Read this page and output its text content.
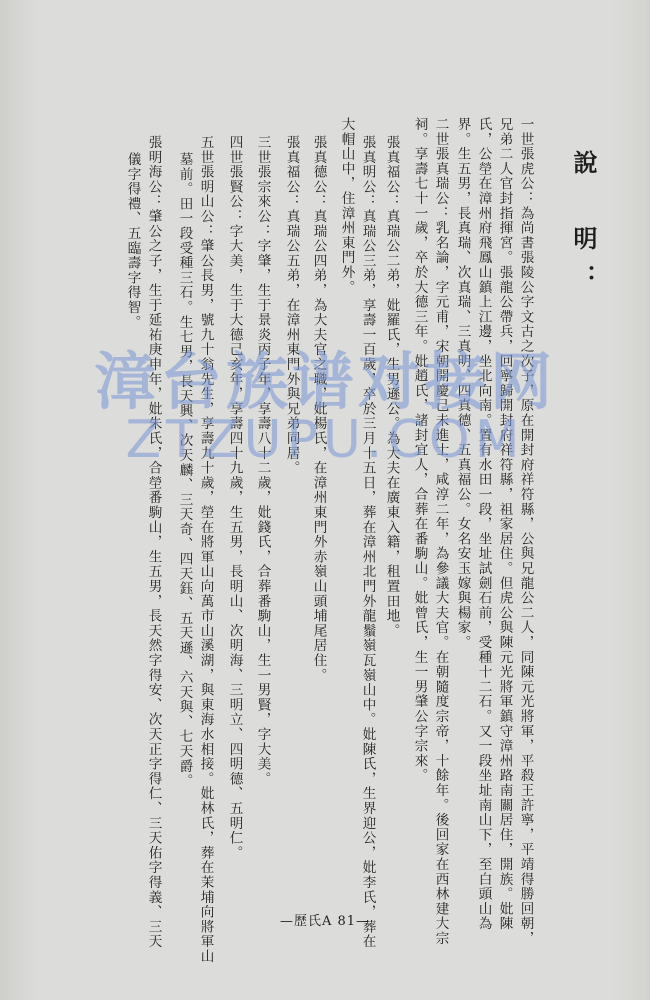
說　明：
一世張虎公：為尚書張陵公字文古之次子，原在開封府祥符縣，公與兄龍公二人，同陳元光將軍，平殺王許寧，平靖得勝回朝，
兄弟二人官封指揮宮。張龍公帶兵，回寧歸開封府祥符縣，祖家居住。但虎公與陳元光將軍鎮守漳州路南關居住，開族。妣陳
氏，公塋在漳州府飛鳳山鎮上江邊，坐北向南。置有水田一段，坐址試劍石前，受種十二石。又一段坐址南山下，至白頭山為
界。生五男，長真瑞、次真瑞、三真明、四真德、五真福公。女名安玉嫁與楊家。
二世張真瑞公：乳名論，字元甫，宋朝開慶己未進士，咸淳二年，為參議大夫官。在朝隨度宗帝，十餘年。後回家在西林建大宗
祠。享壽七十一歲，卒於大德三年。妣趙氏，諸封宜人，合葬在番駒山。妣曾氏，生一男肇公字宗來。
張真福公：真瑞公二弟，妣羅氏，生男遜公。為大夫在廣東入籍，租置田地。
張真明公：真瑞公三弟，享壽一百歲，卒於三月十五日，葬在漳州北門外龍鬚嶺瓦嶺山中。妣陳氏，生界迎公，妣李氏，葬在
大帽山中，住漳州東門外。
張真德公：真瑞公四弟，為大夫官之職，妣楊氏，在漳州東門外赤嶺山頭埔尾居住。
張真福公：真瑞公五弟，在漳州東門外與兄弟同居。
三世張宗來公：字肇，生于景炎丙子年，享壽八十二歲，妣錢氏，合葬番駒山，生一男賢，字大美。
四世張賢公：字大美，生于大德己亥年，享壽四十九歲，生五男，長明山、次明海、三明立、四明德、五明仁。
五世張明山公：肇公長男，號九十翁先生，享壽九十歲，塋在將軍山向萬市山溪湖，與東海水相接。妣林氏，葬在茉埔向將軍山
墓前。田一段受種三石。生七男，長天興、次天麟、三天奇、四天鈺、五天遜、六天與、七天爵。
張明海公：肇公之子，生于延祐庚申年，妣朱氏，合塋番駒山，生五男，長天然字得安、次天正字得仁、三天佑字得義、三天
儀字得禮、五臨壽字得智。
漳台族谱对接网
ZTZUPU.COM
—歷氏A 81—
